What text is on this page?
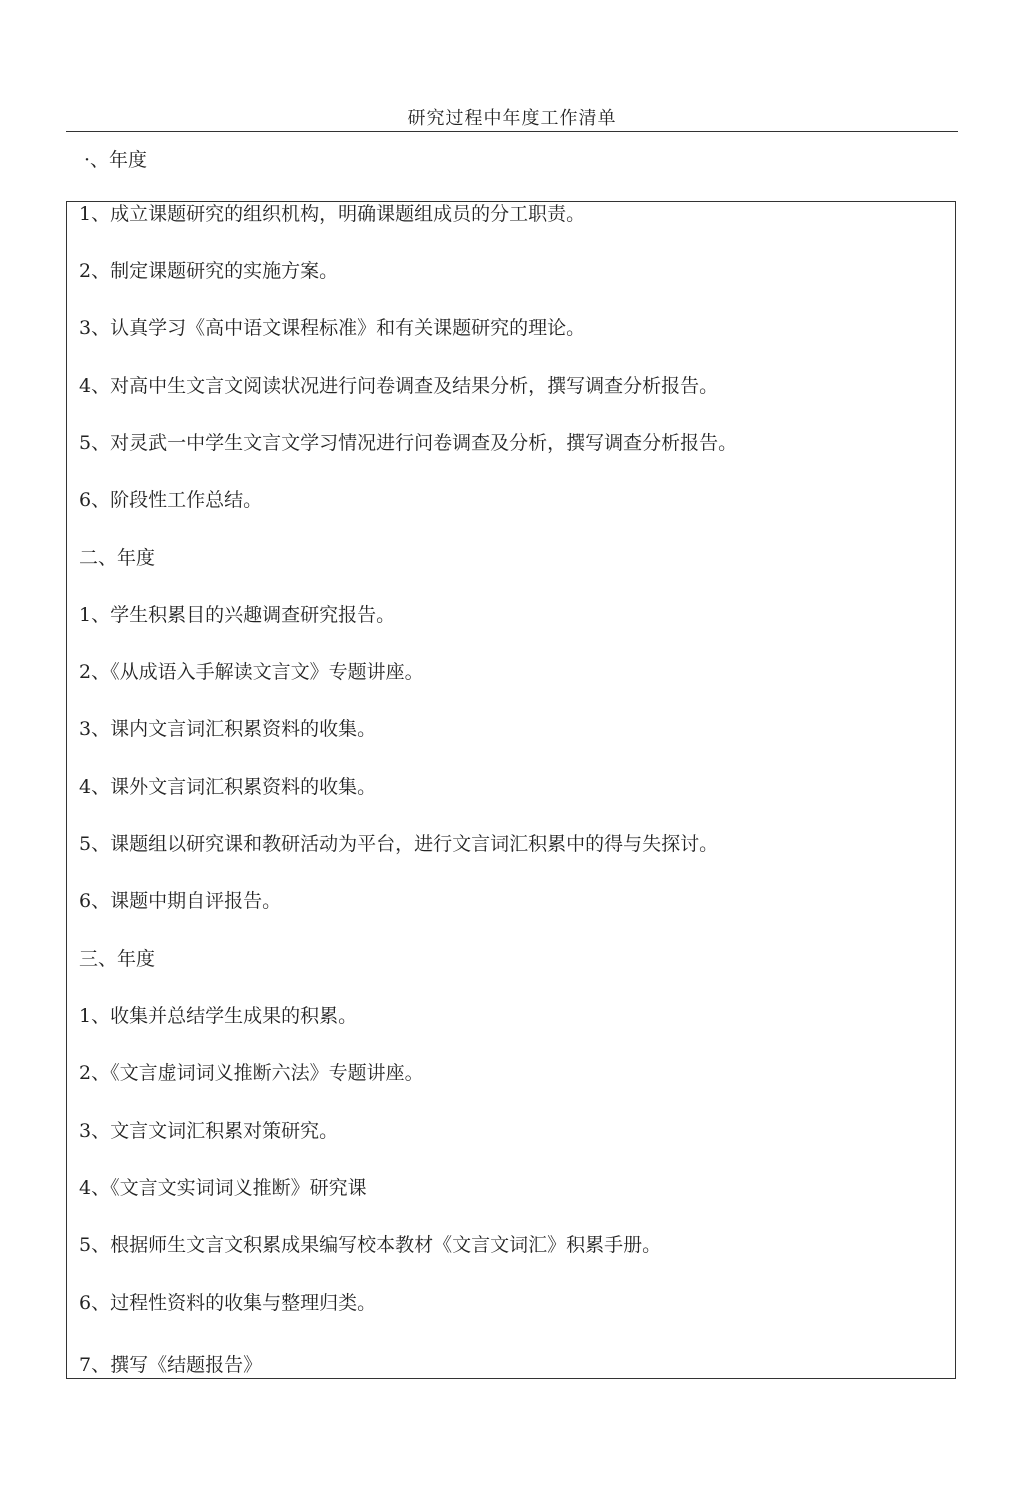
研究过程中年度工作清单
·、年度
1、成立课题研究的组织机构，明确课题组成员的分工职责。
2、制定课题研究的实施方案。
3、认真学习《高中语文课程标准》和有关课题研究的理论。
4、对高中生文言文阅读状况进行问卷调查及结果分析，撰写调查分析报告。
5、对灵武一中学生文言文学习情况进行问卷调查及分析，撰写调查分析报告。
6、阶段性工作总结。
二、年度
1、学生积累目的兴趣调查研究报告。
2、《从成语入手解读文言文》专题讲座。
3、课内文言词汇积累资料的收集。
4、课外文言词汇积累资料的收集。
5、课题组以研究课和教研活动为平台，进行文言词汇积累中的得与失探讨。
6、课题中期自评报告。
三、年度
1、收集并总结学生成果的积累。
2、《文言虚词词义推断六法》专题讲座。
3、文言文词汇积累对策研究。
4、《文言文实词词义推断》研究课
5、根据师生文言文积累成果编写校本教材《文言文词汇》积累手册。
6、过程性资料的收集与整理归类。
7、撰写《结题报告》
